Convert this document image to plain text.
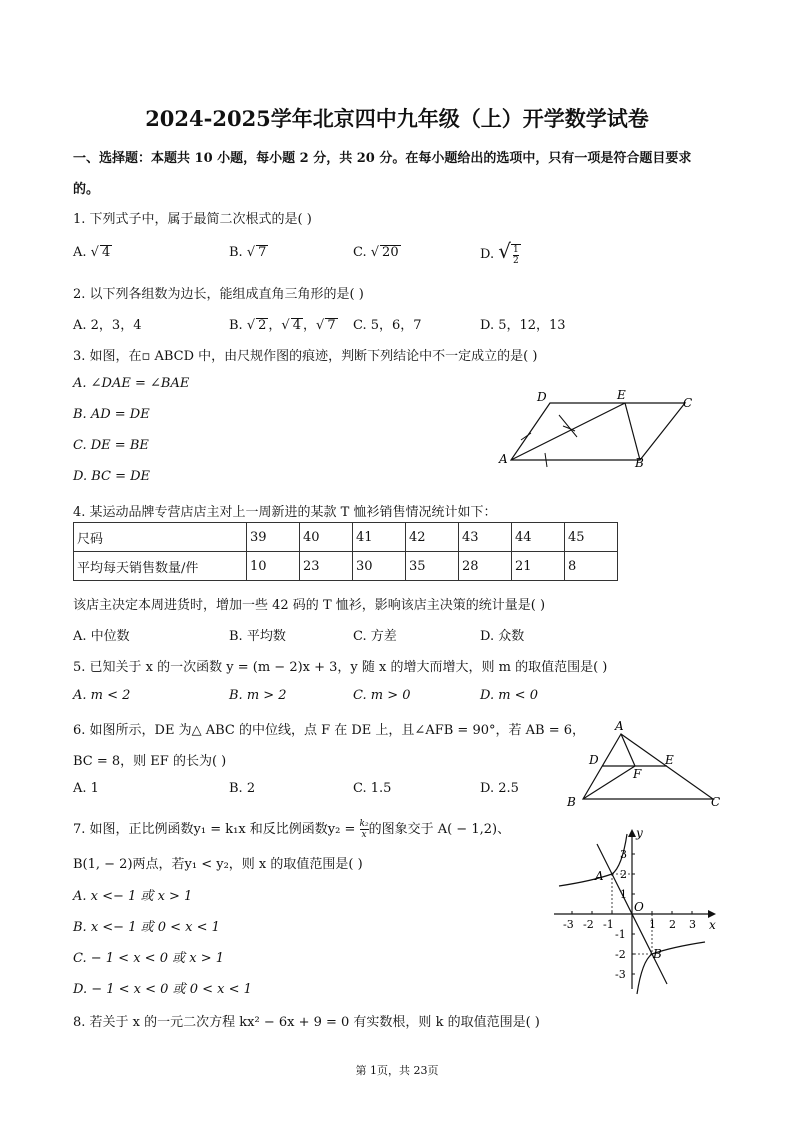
2024-2025学年北京四中九年级（上）开学数学试卷
一、选择题：本题共 10 小题，每小题 2 分，共 20 分。在每小题给出的选项中，只有一项是符合题目要求
的。
1. 下列式子中，属于最简二次根式的是( )
A. √ 4	B. √ 7	C. √ 20	D. √ $\frac{1}{2}$
2. 以下列各组数为边长，能组成直角三角形的是( )
A. 2，3，4	B. √ 2 ，√ 4 ，√ 7 C. 5，6，7	D. 5，12，13
3. 如图，在▫ ABCD 中，由尺规作图的痕迹，判断下列结论中不一定成立的是( )
A. ∠DAE = ∠BAE
B. AD = DE
C. DE = BE
D. BC = DE
D	E
C
A	B
4. 某运动品牌专营店店主对上一周新进的某款 T 恤衫销售情况统计如下：
尺码	39	40	41	42	43	44	45
平均每天销售数量/件	10	23	30	35	28	21	8
该店主决定本周进货时，增加一些 42 码的 T 恤衫，影响该店主决策的统计量是( )
A. 中位数	B. 平均数	C. 方差	D. 众数
5. 已知关于 x 的一次函数 y = (m − 2)x + 3，y 随 x 的增大而增大，则 m 的取值范围是( )
A. m < 2	B. m > 2	C. m > 0	D. m < 0
6. 如图所示，DE 为△ ABC 的中位线，点 F 在 DE 上，且∠AFB = 90°，若 AB = 6，
BC = 8，则 EF 的长为( )
A. 1	B. 2	C. 1.5	D. 2.5
A
D	E
F
B	C
7. 如图，正比例函数y₁ = k₁x 和反比例函数$y_2 = \frac{\text{k₂}}{x}$ 的图象交于 A( − 1,2)、
B(1, − 2)两点，若y₁ < y₂，则 x 的取值范围是( )
A. x <− 1 或 x > 1
B. x <− 1 或 0 < x < 1
C. − 1 < x < 0 或 x > 1
D. − 1 < x < 0 或 0 < x < 1
y
x
O
A
B
-3 -2 -1	1 2 3
3
2
1
-1
-2
-3
8. 若关于 x 的一元二次方程 kx² − 6x + 9 = 0 有实数根，则 k 的取值范围是( )
第 1页，共 23页
